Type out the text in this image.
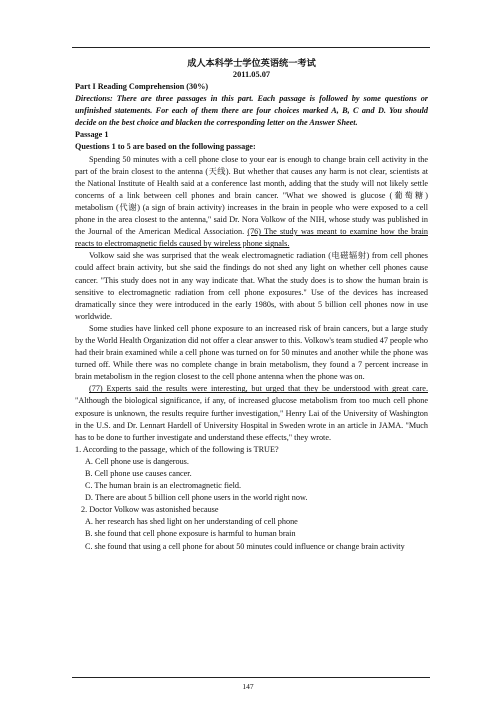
成人本科学士学位英语统一考试
2011.05.07
Part I Reading Comprehension (30%)
Directions: There are three passages in this part. Each passage is followed by some questions or unfinished statements. For each of them there are four choices marked A, B, C and D. You should decide on the best choice and blacken the corresponding letter on the Answer Sheet.
Passage 1
Questions 1 to 5 are based on the following passage:

Spending 50 minutes with a cell phone close to your ear is enough to change brain cell activity in the part of the brain closest to the antenna (天线). But whether that causes any harm is not clear, scientists at the National Institute of Health said at a conference last month, adding that the study will not likely settle concerns of a link between cell phones and brain cancer. "What we showed is glucose (葡萄糖) metabolism (代谢) (a sign of brain activity) increases in the brain in people who were exposed to a cell phone in the area closest to the antenna," said Dr. Nora Volkow of the NIH, whose study was published in the Journal of the American Medical Association. (76) The study was meant to examine how the brain reacts to electromagnetic fields caused by wireless phone signals.

Volkow said she was surprised that the weak electromagnetic radiation (电磁辐射) from cell phones could affect brain activity, but she said the findings do not shed any light on whether cell phones cause cancer. "This study does not in any way indicate that. What the study does is to show the human brain is sensitive to electromagnetic radiation from cell phone exposures." Use of the devices has increased dramatically since they were introduced in the early 1980s, with about 5 billion cell phones now in use worldwide.

Some studies have linked cell phone exposure to an increased risk of brain cancers, but a large study by the World Health Organization did not offer a clear answer to this. Volkow's team studied 47 people who had their brain examined while a cell phone was turned on for 50 minutes and another while the phone was turned off. While there was no complete change in brain metabolism, they found a 7 percent increase in brain metabolism in the region closest to the cell phone antenna when the phone was on.

(77) Experts said the results were interesting, but urged that they be understood with great care. "Although the biological significance, if any, of increased glucose metabolism from too much cell phone exposure is unknown, the results require further investigation," Henry Lai of the University of Washington in the U.S. and Dr. Lennart Hardell of University Hospital in Sweden wrote in an article in JAMA. "Much has to be done to further investigate and understand these effects," they wrote.

1. According to the passage, which of the following is TRUE?
A. Cell phone use is dangerous.
B. Cell phone use causes cancer.
C. The human brain is an electromagnetic field.
D. There are about 5 billion cell phone users in the world right now.
2. Doctor Volkow was astonished because
A. her research has shed light on her understanding of cell phone
B. she found that cell phone exposure is harmful to human brain

C. she found that using a cell phone for about 50 minutes could influence or change brain activity

147
